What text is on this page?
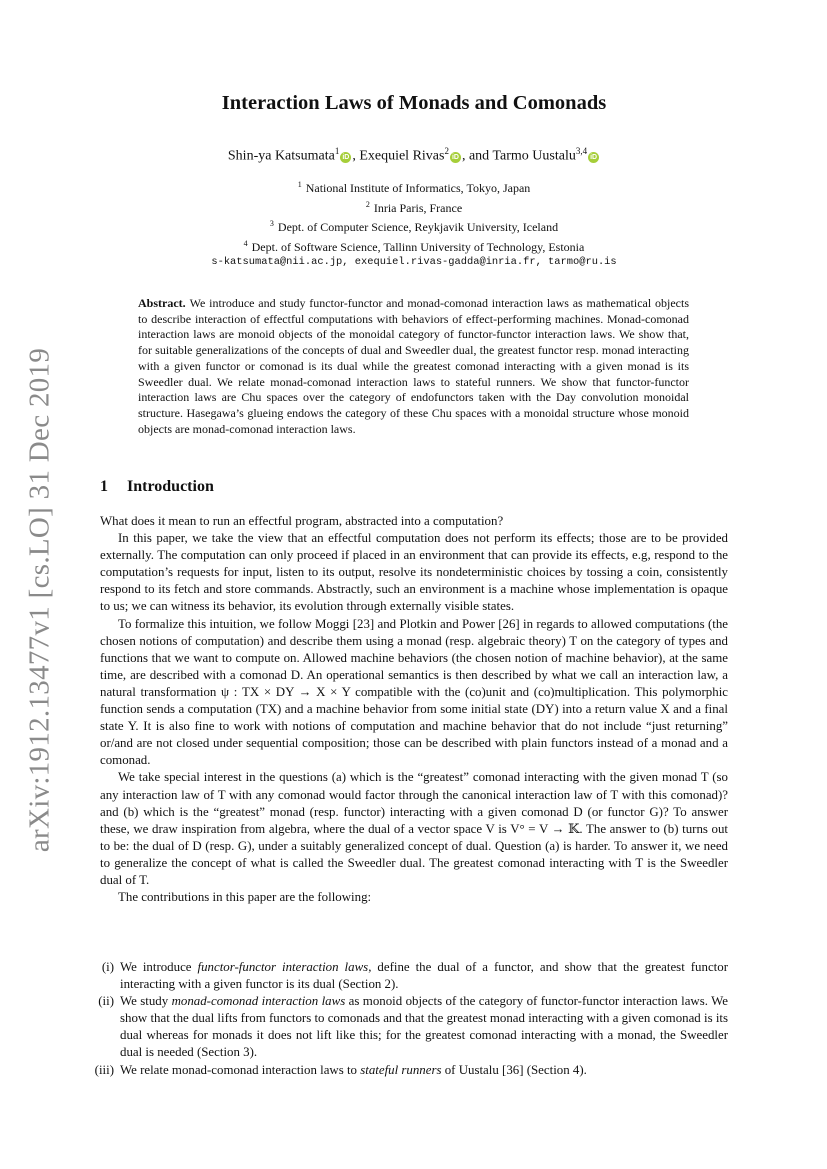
arXiv:1912.13477v1 [cs.LO] 31 Dec 2019
Interaction Laws of Monads and Comonads
Shin-ya Katsumata$^1$iD , Exequiel Rivas$^2$iD , and Tarmo Uustalu$^{3,4}$iD
$^1$ National Institute of Informatics, Tokyo, Japan
$^2$ Inria Paris, France
$^3$ Dept. of Computer Science, Reykjavik University, Iceland
$^4$ Dept. of Software Science, Tallinn University of Technology, Estonia
s-katsumata@nii.ac.jp, exequiel.rivas-gadda@inria.fr, tarmo@ru.is
Abstract. We introduce and study functor-functor and monad-comonad interaction laws as mathematical objects to describe interaction of effectful computations with behaviors of effect-performing machines. Monad-comonad interaction laws are monoid objects of the monoidal category of functor-functor interaction laws. We show that, for suitable generalizations of the concepts of dual and Sweedler dual, the greatest functor resp. monad interacting with a given functor or comonad is its dual while the greatest comonad interacting with a given monad is its Sweedler dual. We relate monad-comonad interaction laws to stateful runners. We show that functor-functor interaction laws are Chu spaces over the category of endofunctors taken with the Day convolution monoidal structure. Hasegawa’s glueing endows the category of these Chu spaces with a monoidal structure whose monoid objects are monad-comonad interaction laws.
1 Introduction

What does it mean to run an effectful program, abstracted into a computation?

In this paper, we take the view that an effectful computation does not perform its effects; those are to be provided externally. The computation can only proceed if placed in an environment that can provide its effects, e.g, respond to the computation’s requests for input, listen to its output, resolve its nondeterministic choices by tossing a coin, consistently respond to its fetch and store commands. Abstractly, such an environment is a machine whose implementation is opaque to us; we can witness its behavior, its evolution through externally visible states.

To formalize this intuition, we follow Moggi [23] and Plotkin and Power [26] in regards to allowed computations (the chosen notions of computation) and describe them using a monad (resp. algebraic theory) T on the category of types and functions that we want to compute on. Allowed machine behaviors (the chosen notion of machine behavior), at the same time, are described with a comonad D. An operational semantics is then described by what we call an interaction law, a natural transformation ψ : TX × DY → X × Y compatible with the (co)unit and (co)multiplication. This polymorphic function sends a computation (TX) and a machine behavior from some initial state (DY) into a return value X and a final state Y. It is also fine to work with notions of computation and machine behavior that do not include “just returning” or/and are not closed under sequential composition; those can be described with plain functors instead of a monad and a comonad.

We take special interest in the questions (a) which is the “greatest” comonad interacting with the given monad T (so any interaction law of T with any comonad would factor through the canonical interaction law of T with this comonad)? and (b) which is the “greatest” monad (resp. functor) interacting with a given comonad D (or functor G)? To answer these, we draw inspiration from algebra, where the dual of a vector space V is V° = V → 𝕂. The answer to (b) turns out to be: the dual of D (resp. G), under a suitably generalized concept of dual. Question (a) is harder. To answer it, we need to generalize the concept of what is called the Sweedler dual. The greatest comonad interacting with T is the Sweedler dual of T.

The contributions in this paper are the following:

(i) We introduce functor-functor interaction laws, define the dual of a functor, and show that the greatest functor interacting with a given functor is its dual (Section 2).
(ii) We study monad-comonad interaction laws as monoid objects of the category of functor-functor interaction laws. We show that the dual lifts from functors to comonads and that the greatest monad interacting with a given comonad is its dual whereas for monads it does not lift like this; for the greatest comonad interacting with a monad, the Sweedler dual is needed (Section 3).
(iii) We relate monad-comonad interaction laws to stateful runners of Uustalu [36] (Section 4).
